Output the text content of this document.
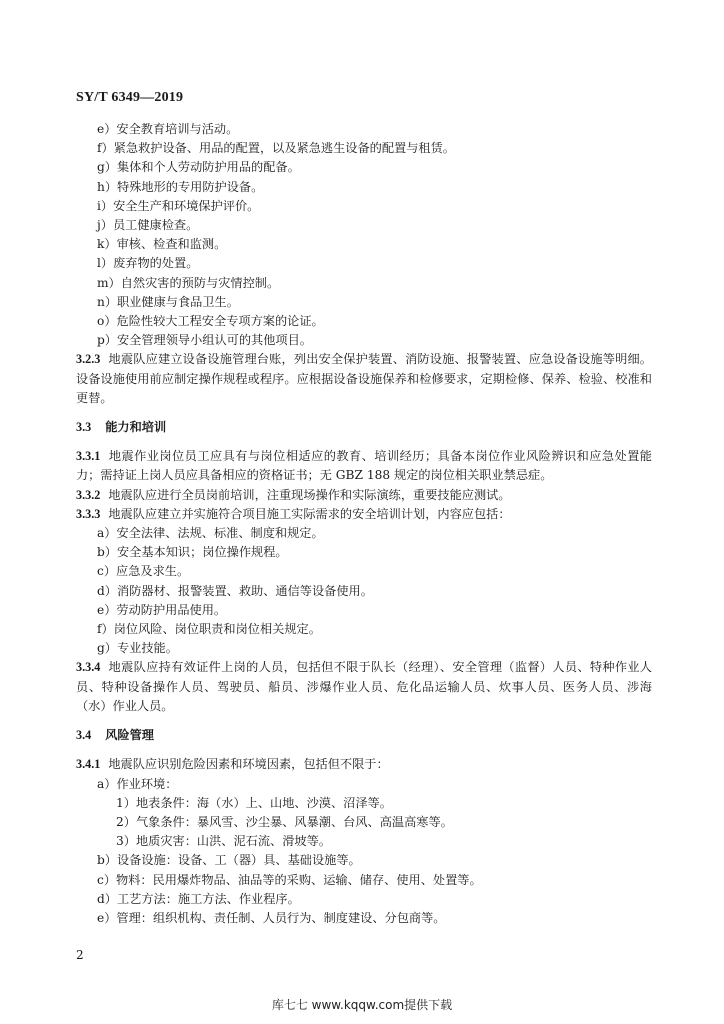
SY/T 6349—2019
e）安全教育培训与活动。
f）紧急救护设备、用品的配置，以及紧急逃生设备的配置与租赁。
g）集体和个人劳动防护用品的配备。
h）特殊地形的专用防护设备。
i）安全生产和环境保护评价。
j）员工健康检查。
k）审核、检查和监测。
l）废弃物的处置。
m）自然灾害的预防与灾情控制。
n）职业健康与食品卫生。
o）危险性较大工程安全专项方案的论证。
p）安全管理领导小组认可的其他项目。
3.2.3 地震队应建立设备设施管理台账，列出安全保护装置、消防设施、报警装置、应急设备设施等明细。设备设施使用前应制定操作规程或程序。应根据设备设施保养和检修要求，定期检修、保养、检验、校准和更替。
3.3 能力和培训
3.3.1 地震作业岗位员工应具有与岗位相适应的教育、培训经历；具备本岗位作业风险辨识和应急处置能力；需持证上岗人员应具备相应的资格证书；无 GBZ 188 规定的岗位相关职业禁忌症。
3.3.2 地震队应进行全员岗前培训，注重现场操作和实际演练，重要技能应测试。
3.3.3 地震队应建立并实施符合项目施工实际需求的安全培训计划，内容应包括：
a）安全法律、法规、标准、制度和规定。
b）安全基本知识；岗位操作规程。
c）应急及求生。
d）消防器材、报警装置、救助、通信等设备使用。
e）劳动防护用品使用。
f）岗位风险、岗位职责和岗位相关规定。
g）专业技能。
3.3.4 地震队应持有效证件上岗的人员，包括但不限于队长（经理）、安全管理（监督）人员、特种作业人员、特种设备操作人员、驾驶员、船员、涉爆作业人员、危化品运输人员、炊事人员、医务人员、涉海（水）作业人员。
3.4 风险管理
3.4.1 地震队应识别危险因素和环境因素，包括但不限于：
a）作业环境：
1）地表条件：海（水）上、山地、沙漠、沼泽等。
2）气象条件：暴风雪、沙尘暴、风暴潮、台风、高温高寒等。
3）地质灾害：山洪、泥石流、滑坡等。
b）设备设施：设备、工（器）具、基础设施等。
c）物料：民用爆炸物品、油品等的采购、运输、储存、使用、处置等。
d）工艺方法：施工方法、作业程序。
e）管理：组织机构、责任制、人员行为、制度建设、分包商等。
2
库七七 www.kqqw.com提供下载
